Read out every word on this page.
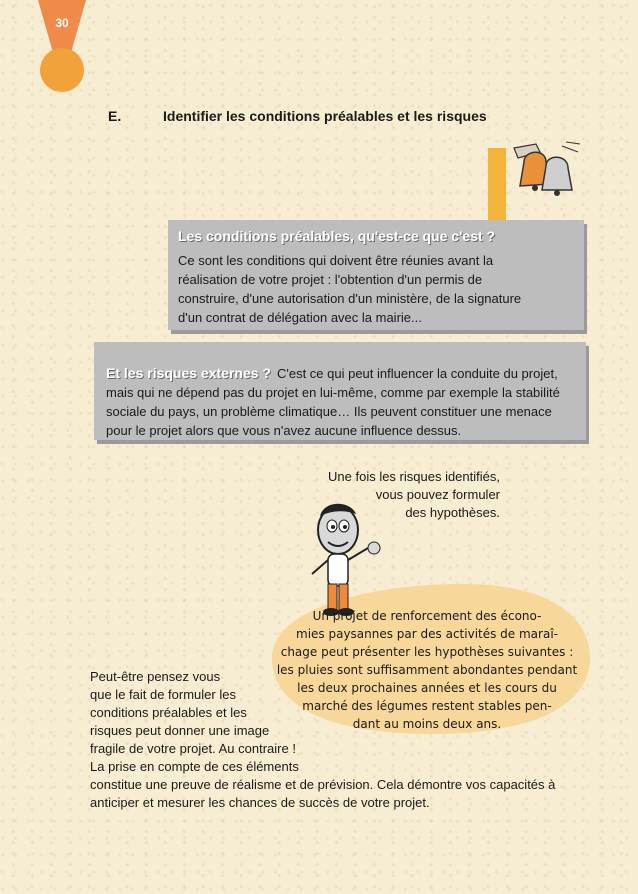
30
E.	Identifier les conditions préalables et les risques
Les conditions préalables, qu'est-ce que c'est ?
Ce sont les conditions qui doivent être réunies avant la
réalisation de votre projet : l'obtention d'un permis de
construire, d'une autorisation d'un ministère, de la signature
d'un contrat de délégation avec la mairie...
Et les risques externes ? C'est ce qui peut influencer la conduite du projet, mais qui ne dépend pas du projet en lui-même, comme par exemple la stabilité sociale du pays, un problème climatique… Ils peuvent constituer une menace pour le projet alors que vous n'avez aucune influence dessus.
Une fois les risques identifiés,
vous pouvez formuler
des hypothèses.
Un projet de renforcement des écono-
mies paysannes par des activités de maraî-
chage peut présenter les hypothèses suivantes :
les pluies sont suffisamment abondantes pendant
les deux prochaines années et les cours du
marché des légumes restent stables pen-
dant au moins deux ans.
Peut-être pensez vous
que le fait de formuler les
conditions préalables et les
risques peut donner une image
fragile de votre projet. Au contraire !
La prise en compte de ces éléments
constitue une preuve de réalisme et de prévision. Cela démontre vos capacités à
anticiper et mesurer les chances de succès de votre projet.
